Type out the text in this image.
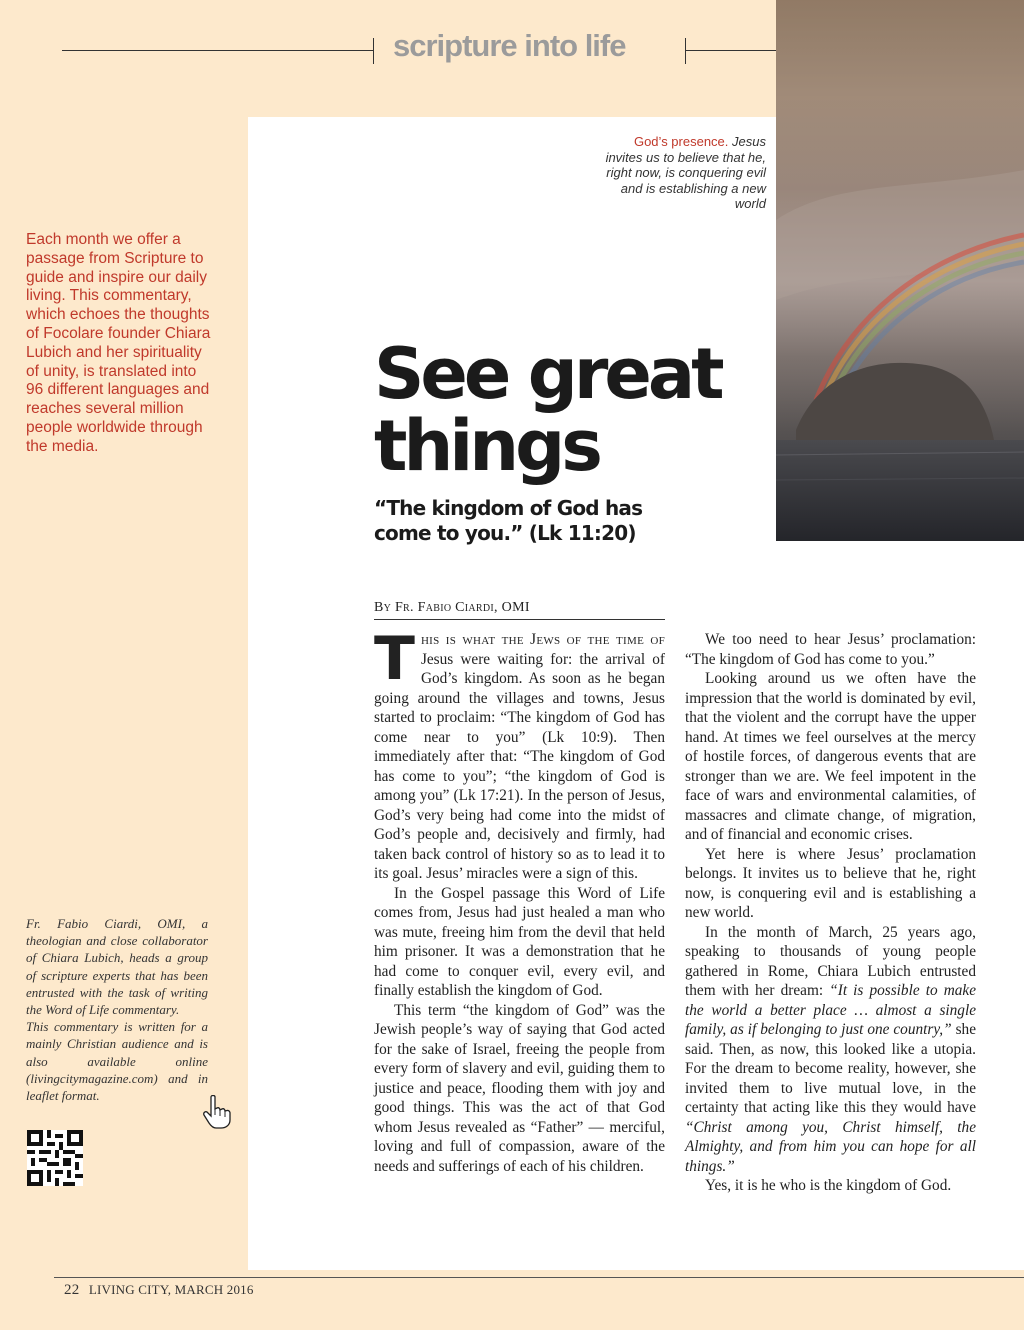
scripture into life
God’s presence. Jesus invites us to believe that he, right now, is conquering evil and is establishing a new world
Each month we offer a passage from Scripture to guide and inspire our daily living. This commentary, which echoes the thoughts of Focolare founder Chiara Lubich and her spirituality of unity, is translated into 96 different languages and reaches several million people worldwide through the media.
See great
things
“The kingdom of God has come to you.” (Lk 11:20)
By Fr. Fabio Ciardi, OMI

This is what the Jews of the time of Jesus were waiting for: the arrival of God’s kingdom. As soon as he began going around the villages and towns, Jesus started to proclaim: “The kingdom of God has come near to you” (Lk 10:9). Then immediately after that: “The kingdom of God has come to you”; “the kingdom of God is among you” (Lk 17:21). In the person of Jesus, God’s very being had come into the midst of God’s people and, decisively and firmly, had taken back control of history so as to lead it to its goal. Jesus’ miracles were a sign of this.

In the Gospel passage this Word of Life comes from, Jesus had just healed a man who was mute, freeing him from the devil that held him prisoner. It was a demonstration that he had come to conquer evil, every evil, and finally establish the kingdom of God.

This term “the kingdom of God” was the Jewish people’s way of saying that God acted for the sake of Israel, freeing the people from every form of slavery and evil, guiding them to justice and peace, flooding them with joy and good things. This was the act of that God whom Jesus revealed as “Father” — merciful, loving and full of compassion, aware of the needs and sufferings of each of his children.

We too need to hear Jesus’ proclamation: “The kingdom of God has come to you.”

Looking around us we often have the impression that the world is dominated by evil, that the violent and the corrupt have the upper hand. At times we feel ourselves at the mercy of hostile forces, of dangerous events that are stronger than we are. We feel impotent in the face of wars and environmental calamities, of massacres and climate change, of migration, and of financial and economic crises.

Yet here is where Jesus’ proclamation belongs. It invites us to believe that he, right now, is conquering evil and is establishing a new world.

In the month of March, 25 years ago, speaking to thousands of young people gathered in Rome, Chiara Lubich entrusted them with her dream: “It is possible to make the world a better place … almost a single family, as if belonging to just one country,” she said. Then, as now, this looked like a utopia. For the dream to become reality, however, she invited them to live mutual love, in the certainty that acting like this they would have “Christ among you, Christ himself, the Almighty, and from him you can hope for all things.”

Yes, it is he who is the kingdom of God.

Fr. Fabio Ciardi, OMI, a theologian and close collaborator of Chiara Lubich, heads a group of scripture experts that has been entrusted with the task of writing the Word of Life commentary.

This commentary is written for a mainly Christian audience and is also available online (livingcitymagazine.com) and in leaflet format.

22 LIVING CITY, MARCH 2016
